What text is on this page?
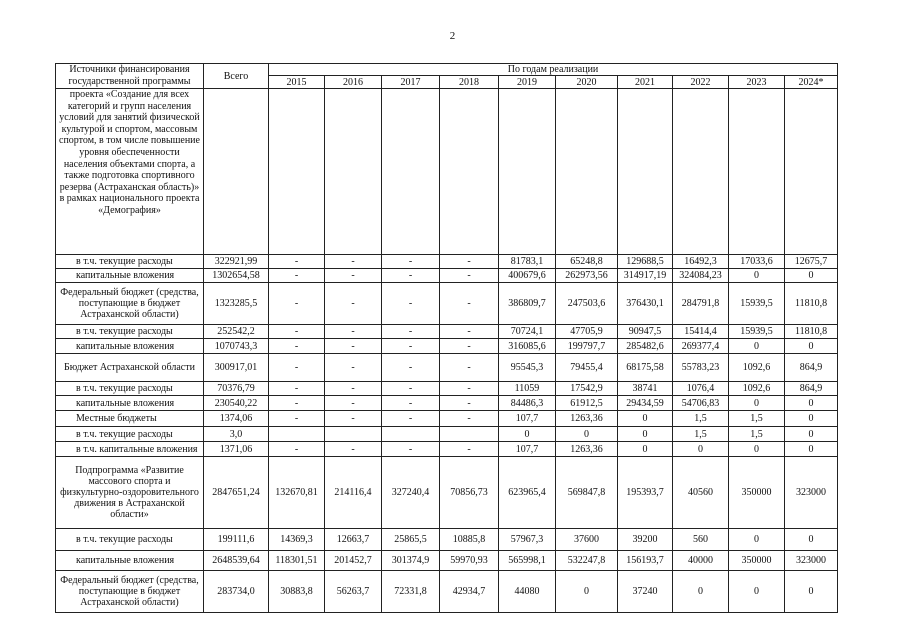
2
Источники финансирования государственной программы	Всего	По годам реализации									
		2015	2016	2017	2018	2019	2020	2021	2022	2023	2024*
проекта «Создание для всех категорий и групп населения условий для занятий физической культурой и спортом, массовым спортом, в том числе повышение уровня обеспеченности населения объектами спорта, а также подготовка спортивного резерва (Астраханская область)» в рамках национального проекта «Демография»											
в т.ч. текущие расходы	322921,99	-	-	-	-	81783,1	65248,8	129688,5	16492,3	17033,6	12675,7
капитальные вложения	1302654,58	-	-	-	-	400679,6	262973,56	314917,19	324084,23	0	0
Федеральный бюджет (средства, поступающие в бюджет Астраханской области)	1323285,5	-	-	-	-	386809,7	247503,6	376430,1	284791,8	15939,5	11810,8
в т.ч. текущие расходы	252542,2	-	-	-	-	70724,1	47705,9	90947,5	15414,4	15939,5	11810,8
капитальные вложения	1070743,3	-	-	-	-	316085,6	199797,7	285482,6	269377,4	0	0
Бюджет Астраханской области	300917,01	-	-	-	-	95545,3	79455,4	68175,58	55783,23	1092,6	864,9
в т.ч. текущие расходы	70376,79	-	-	-	-	11059	17542,9	38741	1076,4	1092,6	864,9
капитальные вложения	230540,22	-	-	-	-	84486,3	61912,5	29434,59	54706,83	0	0
Местные бюджеты	1374,06	-	-	-	-	107,7	1263,36	0	1,5	1,5	0
в т.ч. текущие расходы	3,0					0	0	0	1,5	1,5	0
в т.ч. капитальные вложения	1371,06	-	-	-	-	107,7	1263,36	0	0	0	0
Подпрограмма «Развитие массового спорта и физкультурно-оздоровительного движения в Астраханской области»	2847651,24	132670,81	214116,4	327240,4	70856,73	623965,4	569847,8	195393,7	40560	350000	323000
в т.ч. текущие расходы	199111,6	14369,3	12663,7	25865,5	10885,8	57967,3	37600	39200	560	0	0
капитальные вложения	2648539,64	118301,51	201452,7	301374,9	59970,93	565998,1	532247,8	156193,7	40000	350000	323000
Федеральный бюджет (средства, поступающие в бюджет Астраханской области)	283734,0	30883,8	56263,7	72331,8	42934,7	44080	0	37240	0	0	0
